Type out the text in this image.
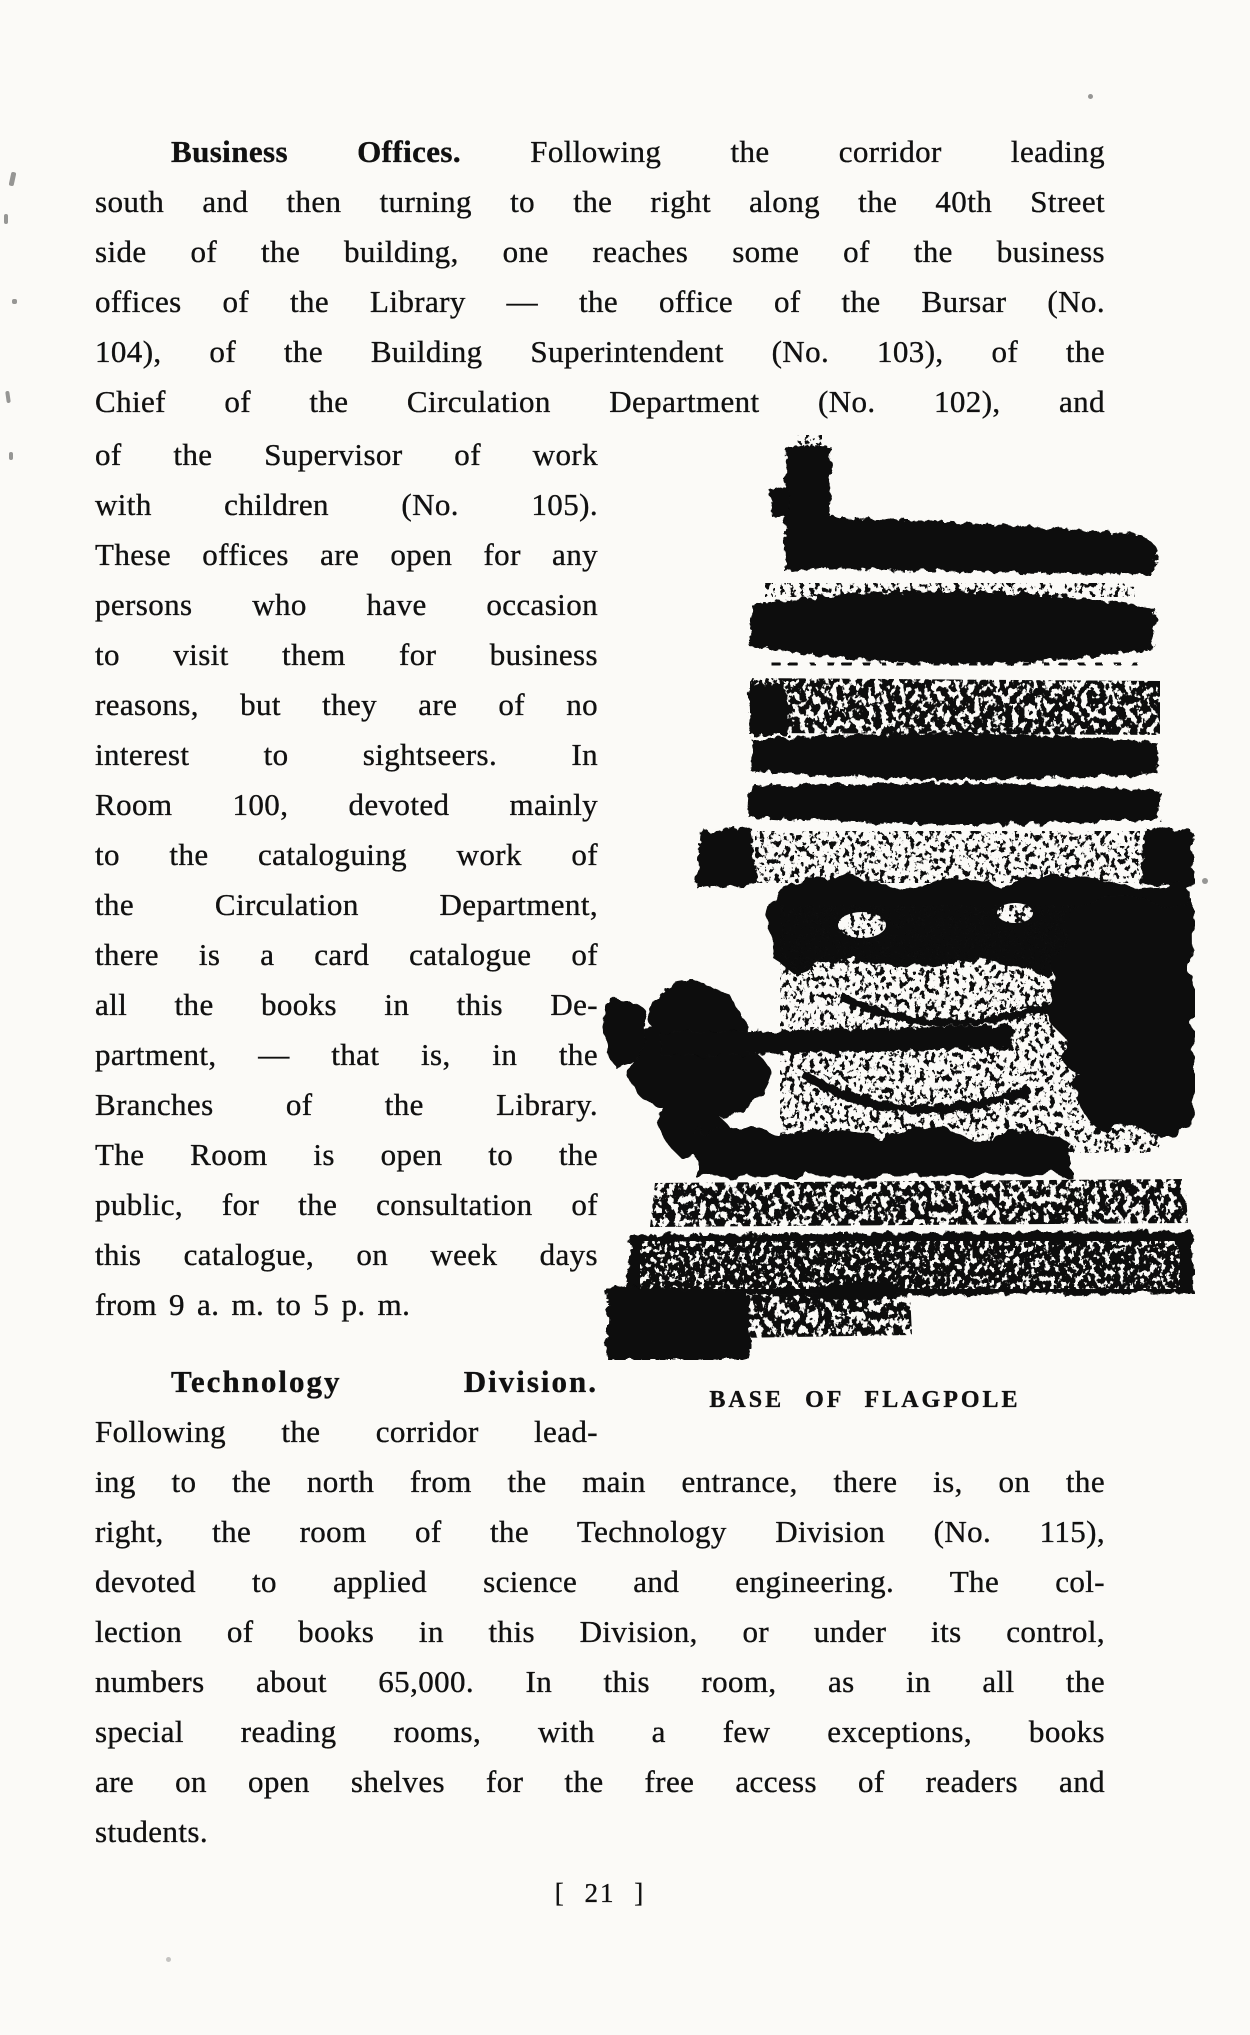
Business Offices. Following the corridor leading
south and then turning to the right along the 40th Street
side of the building, one reaches some of the business
offices of the Library — the office of the Bursar (No.
104), of the Building Superintendent (No. 103), of the
Chief of the Circulation Department (No. 102), and
of the Supervisor of work
with children (No. 105).
These offices are open for any
persons who have occasion
to visit them for business
reasons, but they are of no
interest to sightseers. In
Room 100, devoted mainly
to the cataloguing work of
the Circulation Department,
there is a card catalogue of
all the books in this De-
partment, — that is, in the
Branches of the Library.
The Room is open to the
public, for the consultation of
this catalogue, on week days
from 9 a. m. to 5 p. m.
Technology Division.
Following the corridor lead-
BASE OF FLAGPOLE
ing to the north from the main entrance, there is, on the
right, the room of the Technology Division (No. 115),
devoted to applied science and engineering. The col-
lection of books in this Division, or under its control,
numbers about 65,000. In this room, as in all the
special reading rooms, with a few exceptions, books
are on open shelves for the free access of readers and
students.
[ 21 ]
